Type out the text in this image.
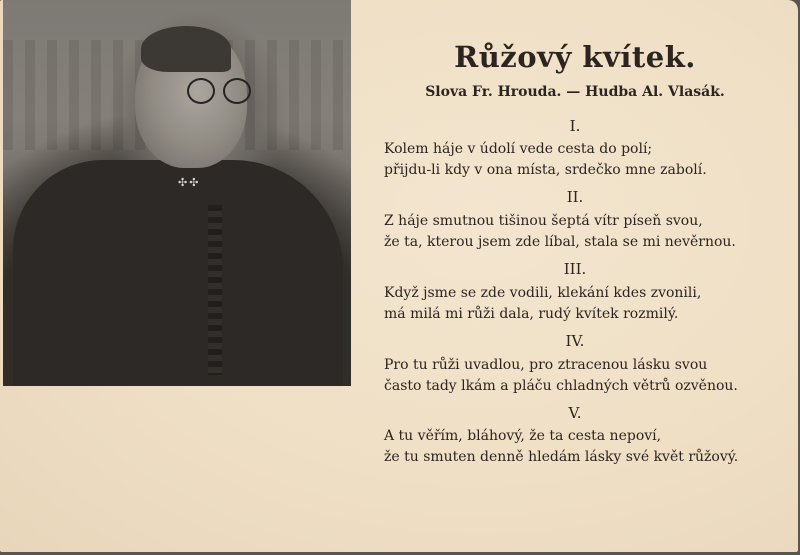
✣✣
Růžový kvítek.
Slova Fr. Hrouda. — Hudba Al. Vlasák.
I.
Kolem háje v údolí vede cesta do polí;
přijdu-li kdy v ona místa, srdečko mne zabolí.
II.
Z háje smutnou tišinou šeptá vítr píseň svou,
že ta, kterou jsem zde líbal, stala se mi nevěrnou.
III.
Když jsme se zde vodili, klekání kdes zvonili,
má milá mi růži dala, rudý kvítek rozmilý.
IV.
Pro tu růži uvadlou, pro ztracenou lásku svou
často tady lkám a pláču chladných větrů ozvěnou.
V.
A tu věřím, bláhový, že ta cesta nepoví,
že tu smuten denně hledám lásky své květ růžový.
